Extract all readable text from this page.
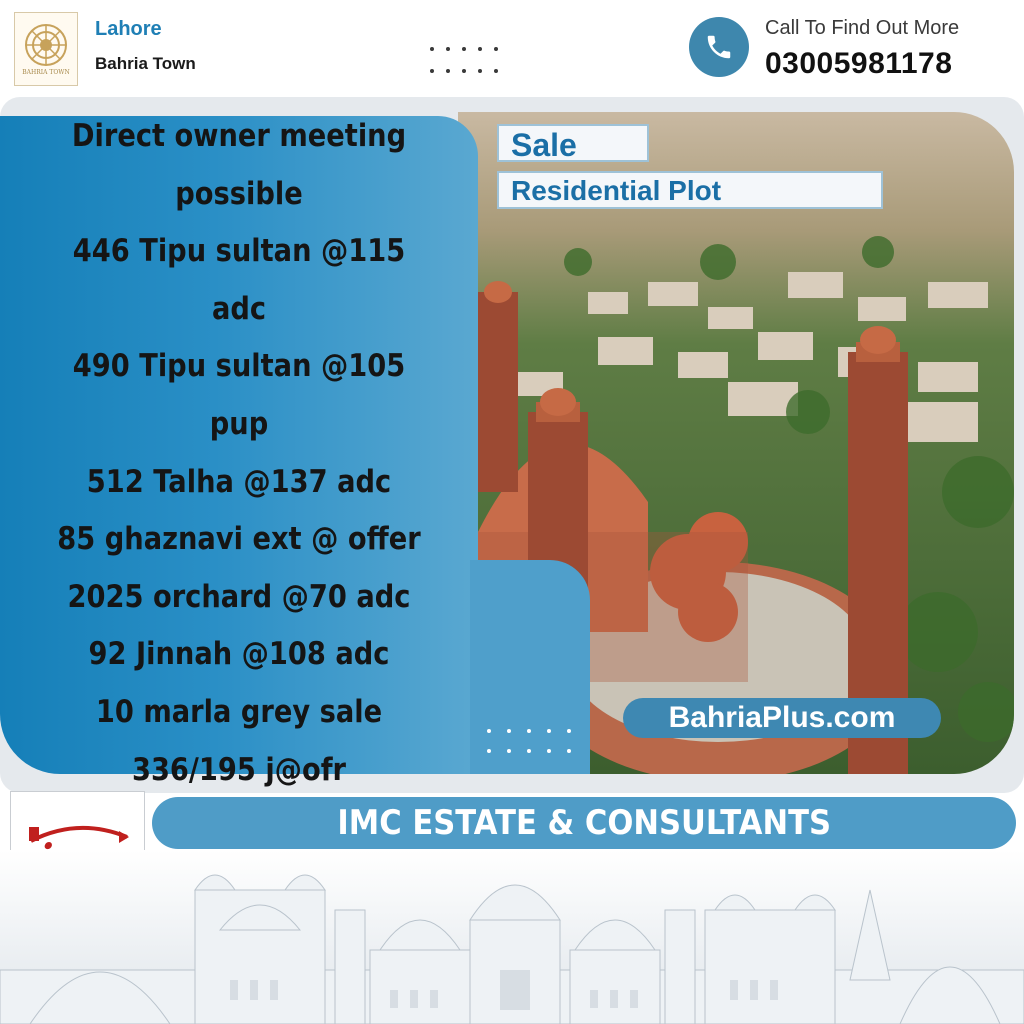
BAHRIA TOWN
Lahore
Bahria Town
Call To Find Out More
03005981178
Direct owner meeting
possible
446 Tipu sultan @115
adc
490 Tipu sultan @105
pup
512 Talha @137 adc
85 ghaznavi ext @ offer
2025 orchard @70 adc
92 Jinnah @108 adc
10 marla grey sale
336/195 j@ofr
Sale
Residential Plot
BahriaPlus.com
IMC ESTATE & CONSULTANTS
